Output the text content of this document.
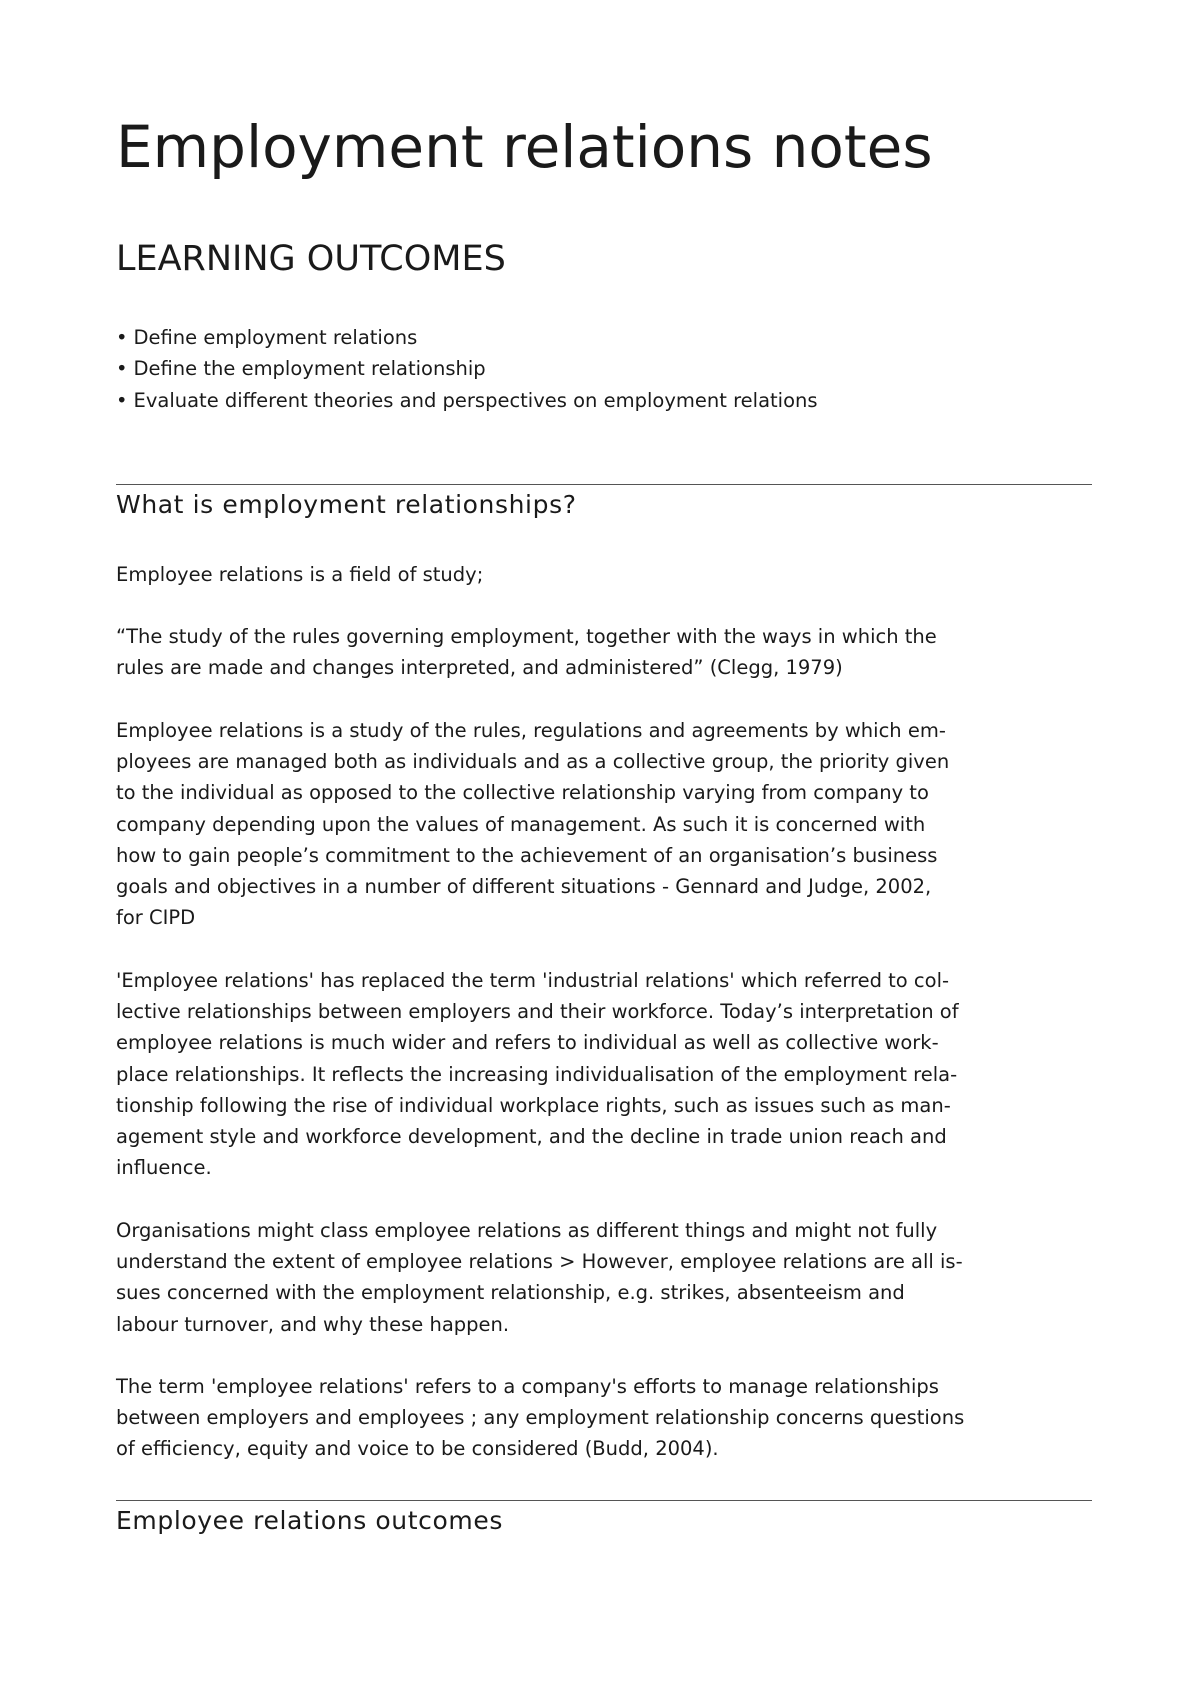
Employment relations notes
LEARNING OUTCOMES
• Define employment relations
• Define the employment relationship
• Evaluate different theories and perspectives on employment relations
What is employment relationships?

Employee relations is a field of study;

“The study of the rules governing employment, together with the ways in which the

rules are made and changes interpreted, and administered” (Clegg, 1979)

Employee relations is a study of the rules, regulations and agreements by which em-

ployees are managed both as individuals and as a collective group, the priority given

to the individual as opposed to the collective relationship varying from company to

company depending upon the values of management. As such it is concerned with

how to gain people’s commitment to the achievement of an organisation’s business

goals and objectives in a number of different situations - Gennard and Judge, 2002,

for CIPD

'Employee relations' has replaced the term 'industrial relations' which referred to col-

lective relationships between employers and their workforce. Today’s interpretation of

employee relations is much wider and refers to individual as well as collective work-

place relationships. It reflects the increasing individualisation of the employment rela-

tionship following the rise of individual workplace rights, such as issues such as man-

agement style and workforce development, and the decline in trade union reach and

influence.

Organisations might class employee relations as different things and might not fully

understand the extent of employee relations > However, employee relations are all is-

sues concerned with the employment relationship, e.g. strikes, absenteeism and

labour turnover, and why these happen.

The term 'employee relations' refers to a company's efforts to manage relationships

between employers and employees ; any employment relationship concerns questions

of efficiency, equity and voice to be considered (Budd, 2004).

Employee relations outcomes
